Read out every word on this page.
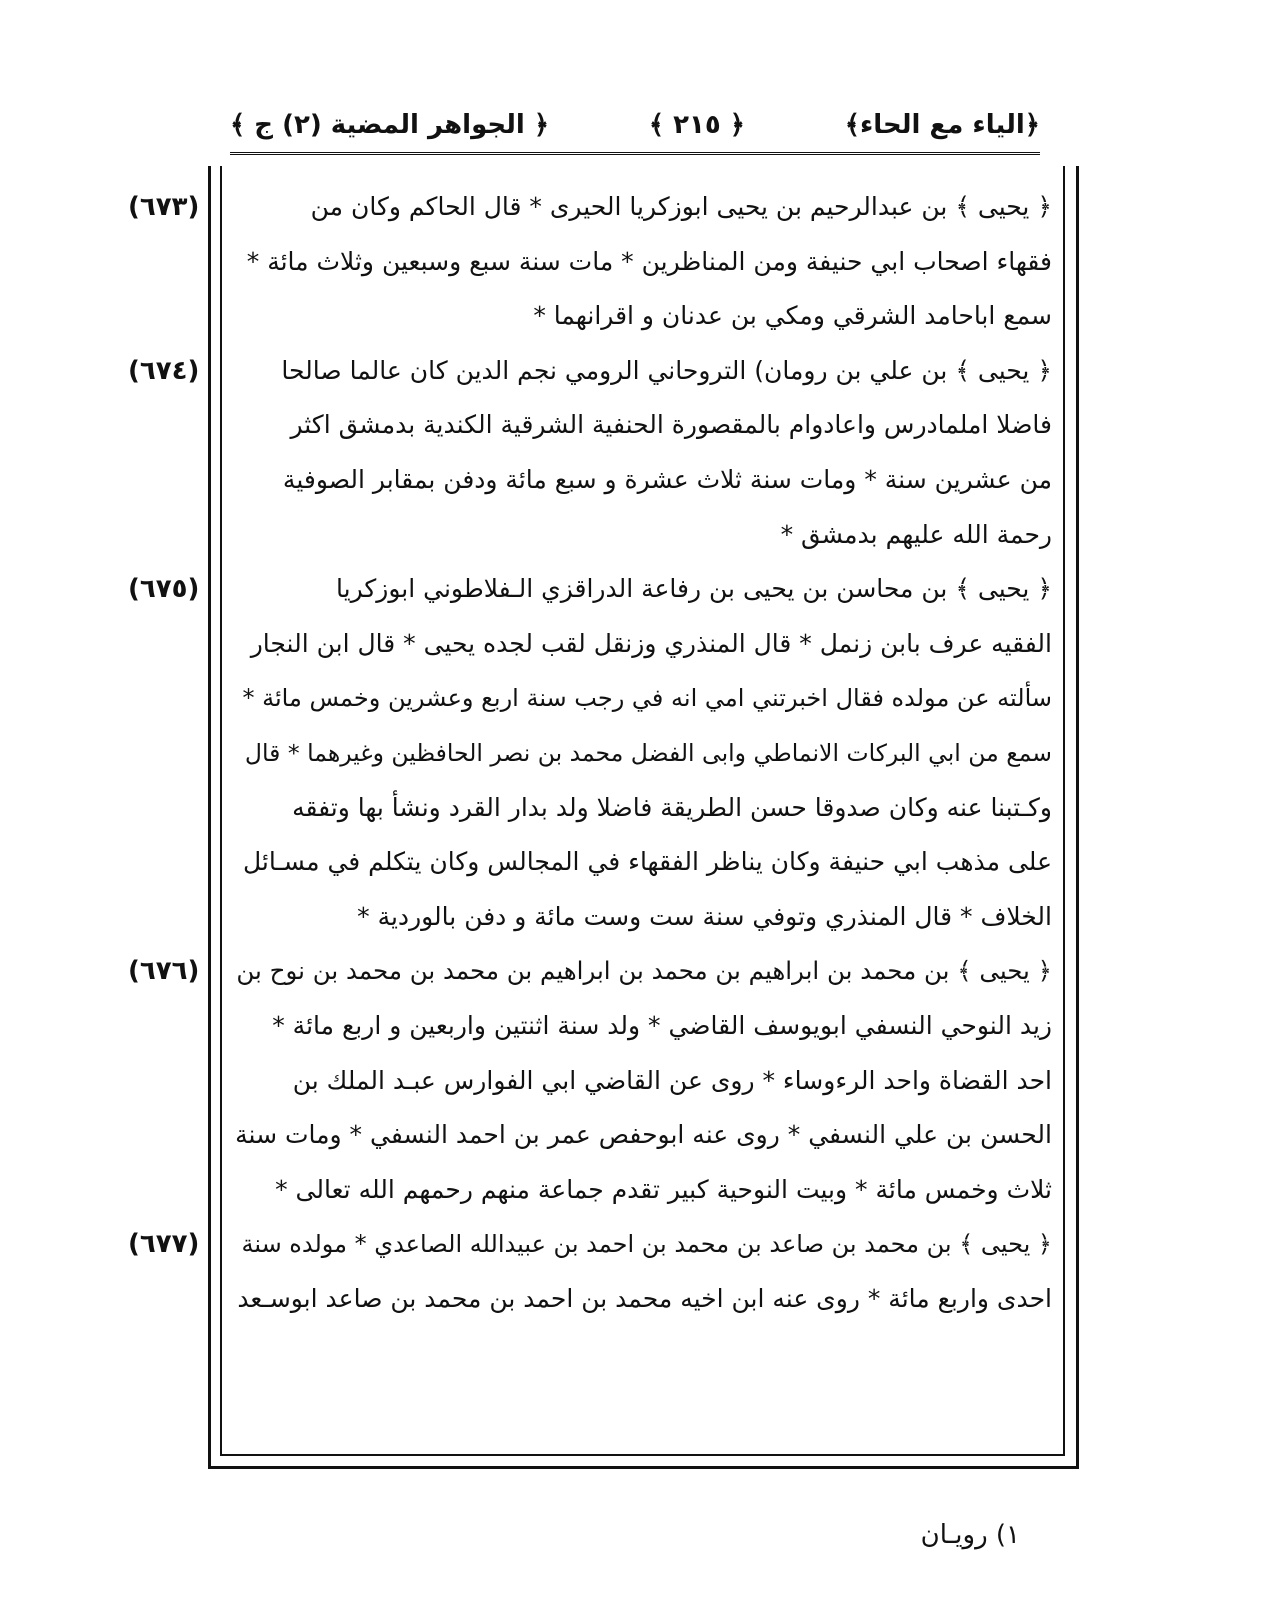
﴿الياء مع الحاء﴾
﴿ ٢١٥ ﴾
﴿ الجواهر المضية (٢) ج ﴾
(٦٧٣)
(٦٧٤)
(٦٧٥)
(٦٧٦)
(٦٧٧)
﴿ يحيى ﴾ بن عبدالرحيم بن يحيى ابوزكريا الحيرى * قال الحاكم وكان من
فقهاء اصحاب ابي حنيفة ومن المناظرين * مات سنة سبع وسبعين وثلاث مائة *
سمع اباحامد الشرقي ومكي بن عدنان و اقرانهما *
﴿ يحيى ﴾ بن علي بن رومان) التروحاني الرومي نجم الدين كان عالما صالحا
فاضلا املمادرس واعادوام بالمقصورة الحنفية الشرقية الكندية بدمشق اكثر
من عشرين سنة * ومات سنة ثلاث عشرة و سبع مائة ودفن بمقابر الصوفية
رحمة الله عليهم بدمشق *
﴿ يحيى ﴾ بن محاسن بن يحيى بن رفاعة الدراقزي الـفلاطوني ابوزكريا
الفقيه عرف بابن زنمل * قال المنذري وزنقل لقب لجده يحيى * قال ابن النجار
سألته عن مولده فقال اخبرتني امي انه في رجب سنة اربع وعشرين وخمس مائة *
سمع من ابي البركات الانماطي وابى الفضل محمد بن نصر الحافظين وغيرهما * قال
وكـتبنا عنه وكان صدوقا حسن الطريقة فاضلا ولد بدار القرد ونشأ بها وتفقه
على مذهب ابي حنيفة وكان يناظر الفقهاء في المجالس وكان يتكلم في مسـائل
الخلاف * قال المنذري وتوفي سنة ست وست مائة و دفن بالوردية *
﴿ يحيى ﴾ بن محمد بن ابراهيم بن محمد بن ابراهيم بن محمد بن محمد بن نوح بن
زيد النوحي النسفي ابويوسف القاضي * ولد سنة اثنتين واربعين و اربع مائة *
احد القضاة واحد الرءوساء * روى عن القاضي ابي الفوارس عبـد الملك بن
الحسن بن علي النسفي * روى عنه ابوحفص عمر بن احمد النسفي * ومات سنة
ثلاث وخمس مائة * وبيت النوحية كبير تقدم جماعة منهم رحمهم الله تعالى *
﴿ يحيى ﴾ بن محمد بن صاعد بن محمد بن احمد بن عبيدالله الصاعدي * مولده سنة
احدى واربع مائة * روى عنه ابن اخيه محمد بن احمد بن محمد بن صاعد ابوسـعد
١) رويـان
